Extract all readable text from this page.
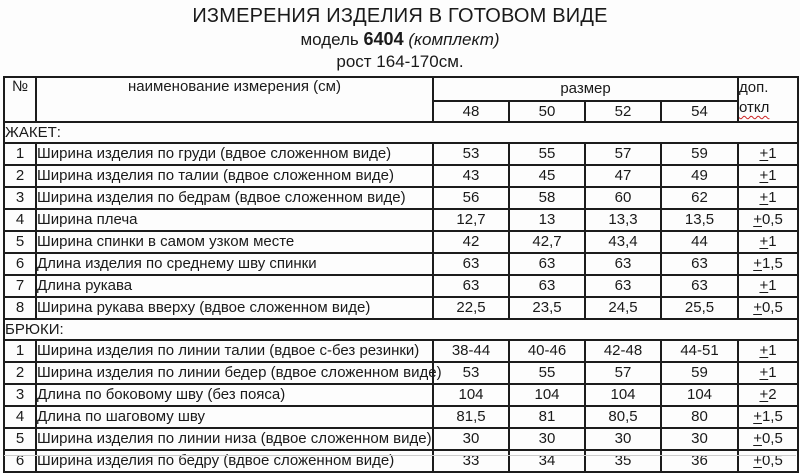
ИЗМЕРЕНИЯ ИЗДЕЛИЯ В ГОТОВОМ ВИДЕ
модель 6404 (комплект)
рост 164-170см.
№	наименование измерения (см)	размер				доп.
откл

		48	50	52	54	
ЖАКЕТ:						
1	Ширина изделия по груди (вдвое сложенном виде)	53	55	57	59	+1
2	Ширина изделия по талии (вдвое сложенном виде)	43	45	47	49	+1
3	Ширина изделия по бедрам (вдвое сложенном виде)	56	58	60	62	+1
4	Ширина плеча	12,7	13	13,3	13,5	+0,5
5	Ширина спинки в самом узком месте	42	42,7	43,4	44	+1
6	Длина изделия по среднему шву спинки	63	63	63	63	+1,5
7	Длина рукава	63	63	63	63	+1
8	Ширина рукава вверху (вдвое сложенном виде)	22,5	23,5	24,5	25,5	+0,5
БРЮКИ:						
1	Ширина изделия по линии талии (вдвое с-без резинки)	38-44	40-46	42-48	44-51	+1
2	Ширина изделия по линии бедер (вдвое сложенном виде)	53	55	57	59	+1
3	Длина по боковому шву (без пояса)	104	104	104	104	+2
4	Длина по шаговому шву	81,5	81	80,5	80	+1,5
5	Ширина изделия по линии низа (вдвое сложенном виде)	30	30	30	30	+0,5
6	Ширина изделия по бедру (вдвое сложенном виде)	33	34	35	36	+0,5
